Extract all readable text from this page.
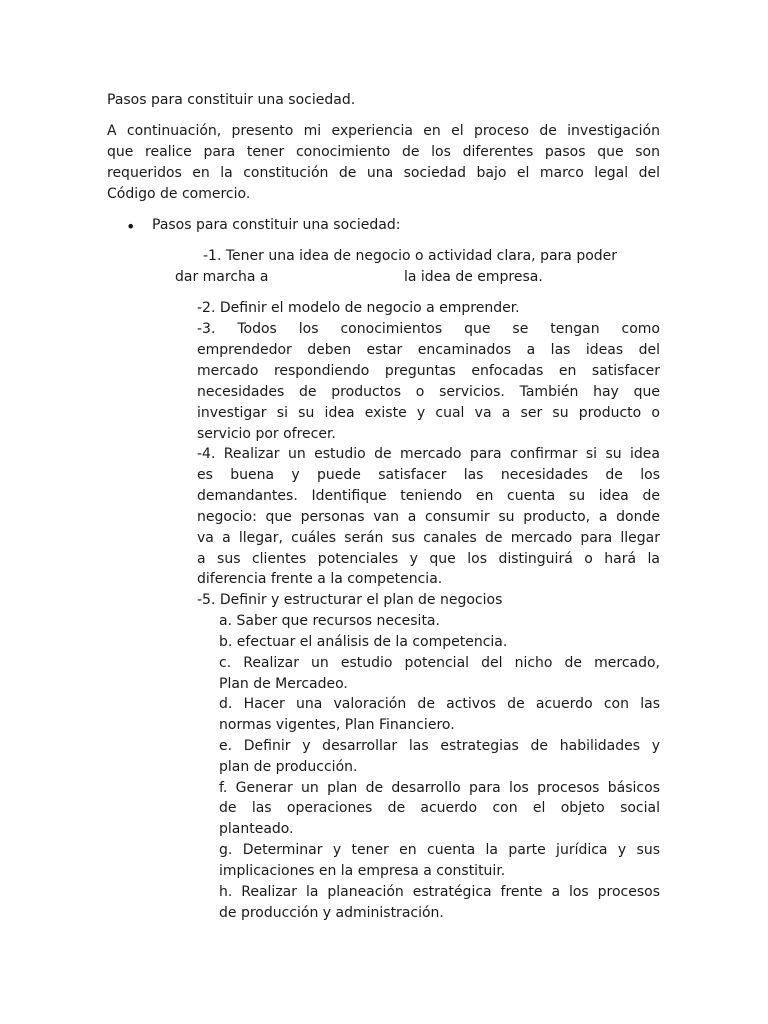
Pasos para constituir una sociedad.
A continuación, presento mi experiencia en el proceso de investigación
que realice para tener conocimiento de los diferentes pasos que son
requeridos en la constitución de una sociedad bajo el marco legal del
Código de comercio.
• Pasos para constituir una sociedad:
-1. Tener una idea de negocio o actividad clara, para poder
dar marcha a	la idea de empresa.
-2. Definir el modelo de negocio a emprender.
-3. Todos los conocimientos que se tengan como
emprendedor deben estar encaminados a las ideas del
mercado respondiendo preguntas enfocadas en satisfacer
necesidades de productos o servicios. También hay que
investigar si su idea existe y cual va a ser su producto o
servicio por ofrecer.
-4. Realizar un estudio de mercado para confirmar si su idea
es buena y puede satisfacer las necesidades de los
demandantes. Identifique teniendo en cuenta su idea de
negocio: que personas van a consumir su producto, a donde
va a llegar, cuáles serán sus canales de mercado para llegar
a sus clientes potenciales y que los distinguirá o hará la
diferencia frente a la competencia.
-5. Definir y estructurar el plan de negocios
a. Saber que recursos necesita.
b. efectuar el análisis de la competencia.
c. Realizar un estudio potencial del nicho de mercado,
Plan de Mercadeo.
d. Hacer una valoración de activos de acuerdo con las
normas vigentes, Plan Financiero.
e. Definir y desarrollar las estrategias de habilidades y
plan de producción.
f. Generar un plan de desarrollo para los procesos básicos
de las operaciones de acuerdo con el objeto social
planteado.
g. Determinar y tener en cuenta la parte jurídica y sus
implicaciones en la empresa a constituir.
h. Realizar la planeación estratégica frente a los procesos
de producción y administración.
